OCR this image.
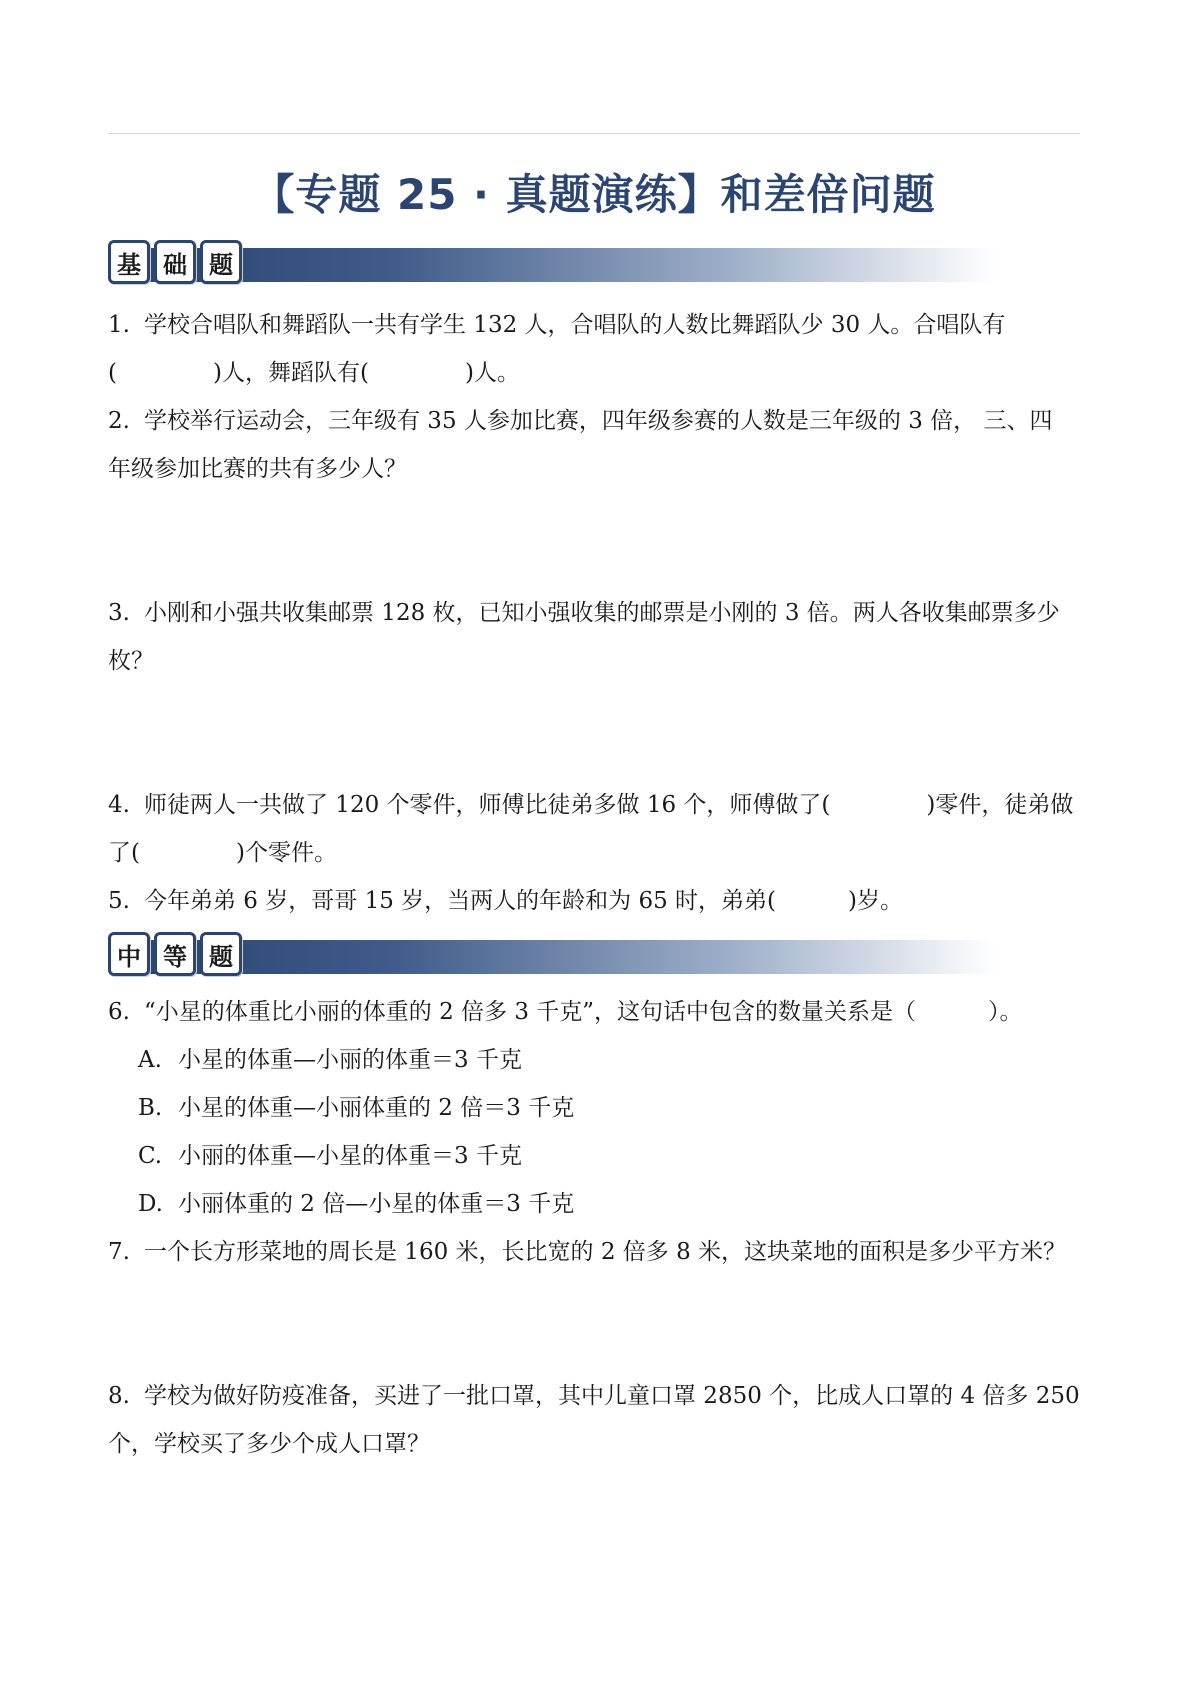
【专题 25 · 真题演练】和差倍问题
基 础 题
1. 学校合唱队和舞蹈队一共有学生 132 人，合唱队的人数比舞蹈队少 30 人。合唱队有
(	)人，舞蹈队有(	)人。
2. 学校举行运动会，三年级有 35 人参加比赛，四年级参赛的人数是三年级的 3 倍， 三、四
年级参加比赛的共有多少人？
3. 小刚和小强共收集邮票 128 枚，已知小强收集的邮票是小刚的 3 倍。两人各收集邮票多少
枚？
4. 师徒两人一共做了 120 个零件，师傅比徒弟多做 16 个，师傅做了(	)零件，徒弟做
了(	)个零件。
5. 今年弟弟 6 岁，哥哥 15 岁，当两人的年龄和为 65 时，弟弟(	)岁。
中 等 题
6. “小星的体重比小丽的体重的 2 倍多 3 千克”，这句话中包含的数量关系是（	）。
A. 小星的体重—小丽的体重＝3 千克
B. 小星的体重—小丽体重的 2 倍＝3 千克
C. 小丽的体重—小星的体重＝3 千克
D. 小丽体重的 2 倍—小星的体重＝3 千克
7. 一个长方形菜地的周长是 160 米，长比宽的 2 倍多 8 米，这块菜地的面积是多少平方米？
8. 学校为做好防疫准备，买进了一批口罩，其中儿童口罩 2850 个，比成人口罩的 4 倍多 250
个，学校买了多少个成人口罩？
